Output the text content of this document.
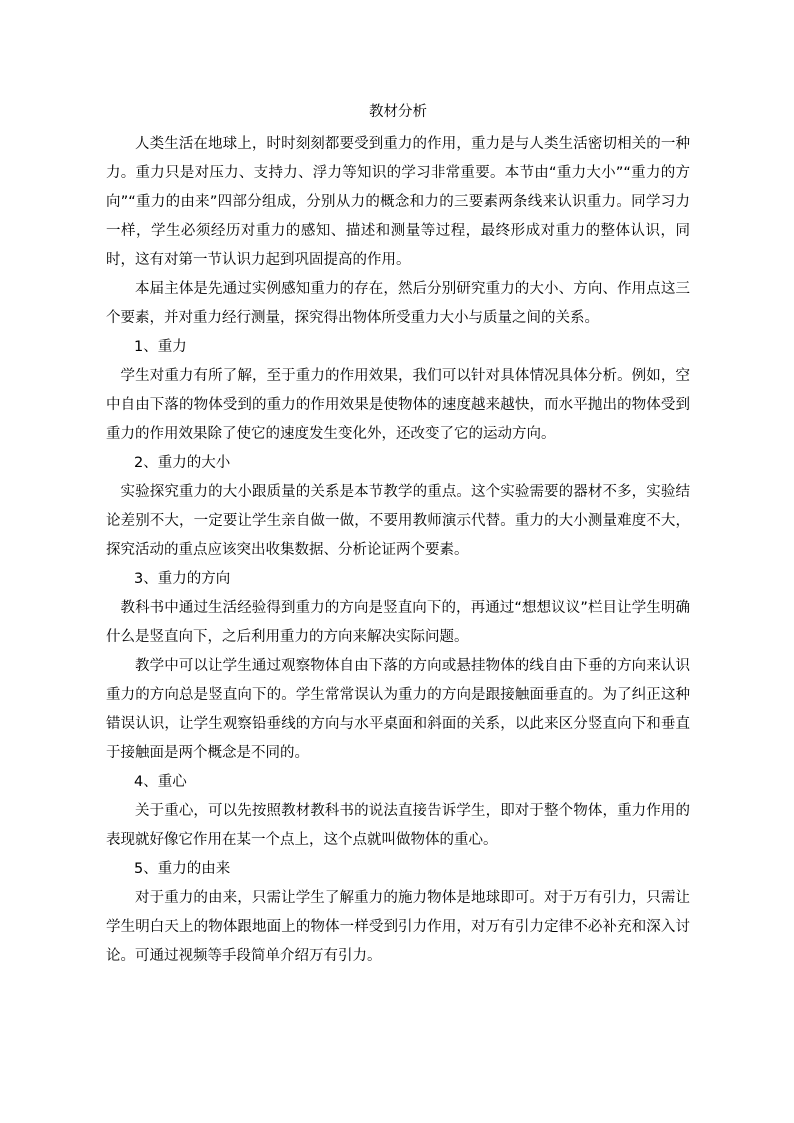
教材分析

人类生活在地球上，时时刻刻都要受到重力的作用，重力是与人类生活密切相关的一种力。重力只是对压力、支持力、浮力等知识的学习非常重要。本节由“重力大小”“重力的方向”“重力的由来”四部分组成，分别从力的概念和力的三要素两条线来认识重力。同学习力一样，学生必须经历对重力的感知、描述和测量等过程，最终形成对重力的整体认识，同时，这有对第一节认识力起到巩固提高的作用。

本届主体是先通过实例感知重力的存在，然后分别研究重力的大小、方向、作用点这三个要素，并对重力经行测量，探究得出物体所受重力大小与质量之间的关系。

1、重力

学生对重力有所了解，至于重力的作用效果，我们可以针对具体情况具体分析。例如，空中自由下落的物体受到的重力的作用效果是使物体的速度越来越快，而水平抛出的物体受到重力的作用效果除了使它的速度发生变化外，还改变了它的运动方向。

2、重力的大小

实验探究重力的大小跟质量的关系是本节教学的重点。这个实验需要的器材不多，实验结论差别不大，一定要让学生亲自做一做，不要用教师演示代替。重力的大小测量难度不大，探究活动的重点应该突出收集数据、分析论证两个要素。

3、重力的方向

教科书中通过生活经验得到重力的方向是竖直向下的，再通过“想想议议”栏目让学生明确什么是竖直向下，之后利用重力的方向来解决实际问题。

教学中可以让学生通过观察物体自由下落的方向或悬挂物体的线自由下垂的方向来认识重力的方向总是竖直向下的。学生常常误认为重力的方向是跟接触面垂直的。为了纠正这种错误认识，让学生观察铅垂线的方向与水平桌面和斜面的关系，以此来区分竖直向下和垂直于接触面是两个概念是不同的。

4、重心

关于重心，可以先按照教材教科书的说法直接告诉学生，即对于整个物体，重力作用的表现就好像它作用在某一个点上，这个点就叫做物体的重心。

5、重力的由来

对于重力的由来，只需让学生了解重力的施力物体是地球即可。对于万有引力，只需让学生明白天上的物体跟地面上的物体一样受到引力作用，对万有引力定律不必补充和深入讨论。可通过视频等手段简单介绍万有引力。
